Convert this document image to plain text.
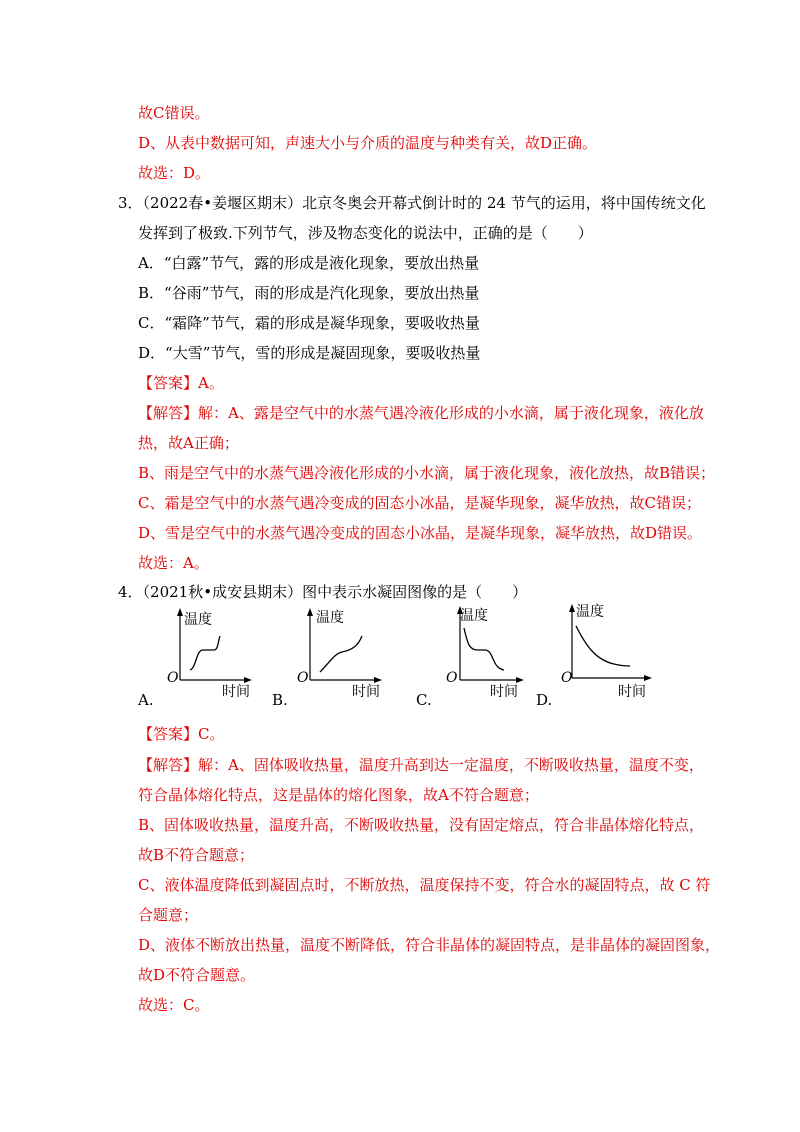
故C错误。
D、从表中数据可知，声速大小与介质的温度与种类有关，故D正确。
故选：D。
3．（2022春•姜堰区期末）北京冬奥会开幕式倒计时的 24 节气的运用，将中国传统文化
发挥到了极致.下列节气，涉及物态变化的说法中，正确的是（　　）
A．“白露”节气，露的形成是液化现象，要放出热量
B．“谷雨”节气，雨的形成是汽化现象，要放出热量
C．“霜降”节气，霜的形成是凝华现象，要吸收热量
D．“大雪”节气，雪的形成是凝固现象，要吸收热量
【答案】A。
【解答】解：A、露是空气中的水蒸气遇冷液化形成的小水滴，属于液化现象，液化放
热，故A正确；
B、雨是空气中的水蒸气遇冷液化形成的小水滴，属于液化现象，液化放热，故B错误；
C、霜是空气中的水蒸气遇冷变成的固态小冰晶，是凝华现象，凝华放热，故C错误；
D、雪是空气中的水蒸气遇冷变成的固态小冰晶，是凝华现象，凝华放热，故D错误。
故选：A。
4．（2021秋•成安县期末）图中表示水凝固图像的是（　　）
A.
温度
时间
O
B.
温度
时间
O
C.
温度
时间
O
D.
温度
时间
O
【答案】C。
【解答】解：A、固体吸收热量，温度升高到达一定温度，不断吸收热量，温度不变，
符合晶体熔化特点，这是晶体的熔化图象，故A不符合题意；
B、固体吸收热量，温度升高，不断吸收热量，没有固定熔点，符合非晶体熔化特点，
故B不符合题意；
C、液体温度降低到凝固点时，不断放热，温度保持不变，符合水的凝固特点，故 C 符
合题意；
D、液体不断放出热量，温度不断降低，符合非晶体的凝固特点，是非晶体的凝固图象，
故D不符合题意。
故选：C。
